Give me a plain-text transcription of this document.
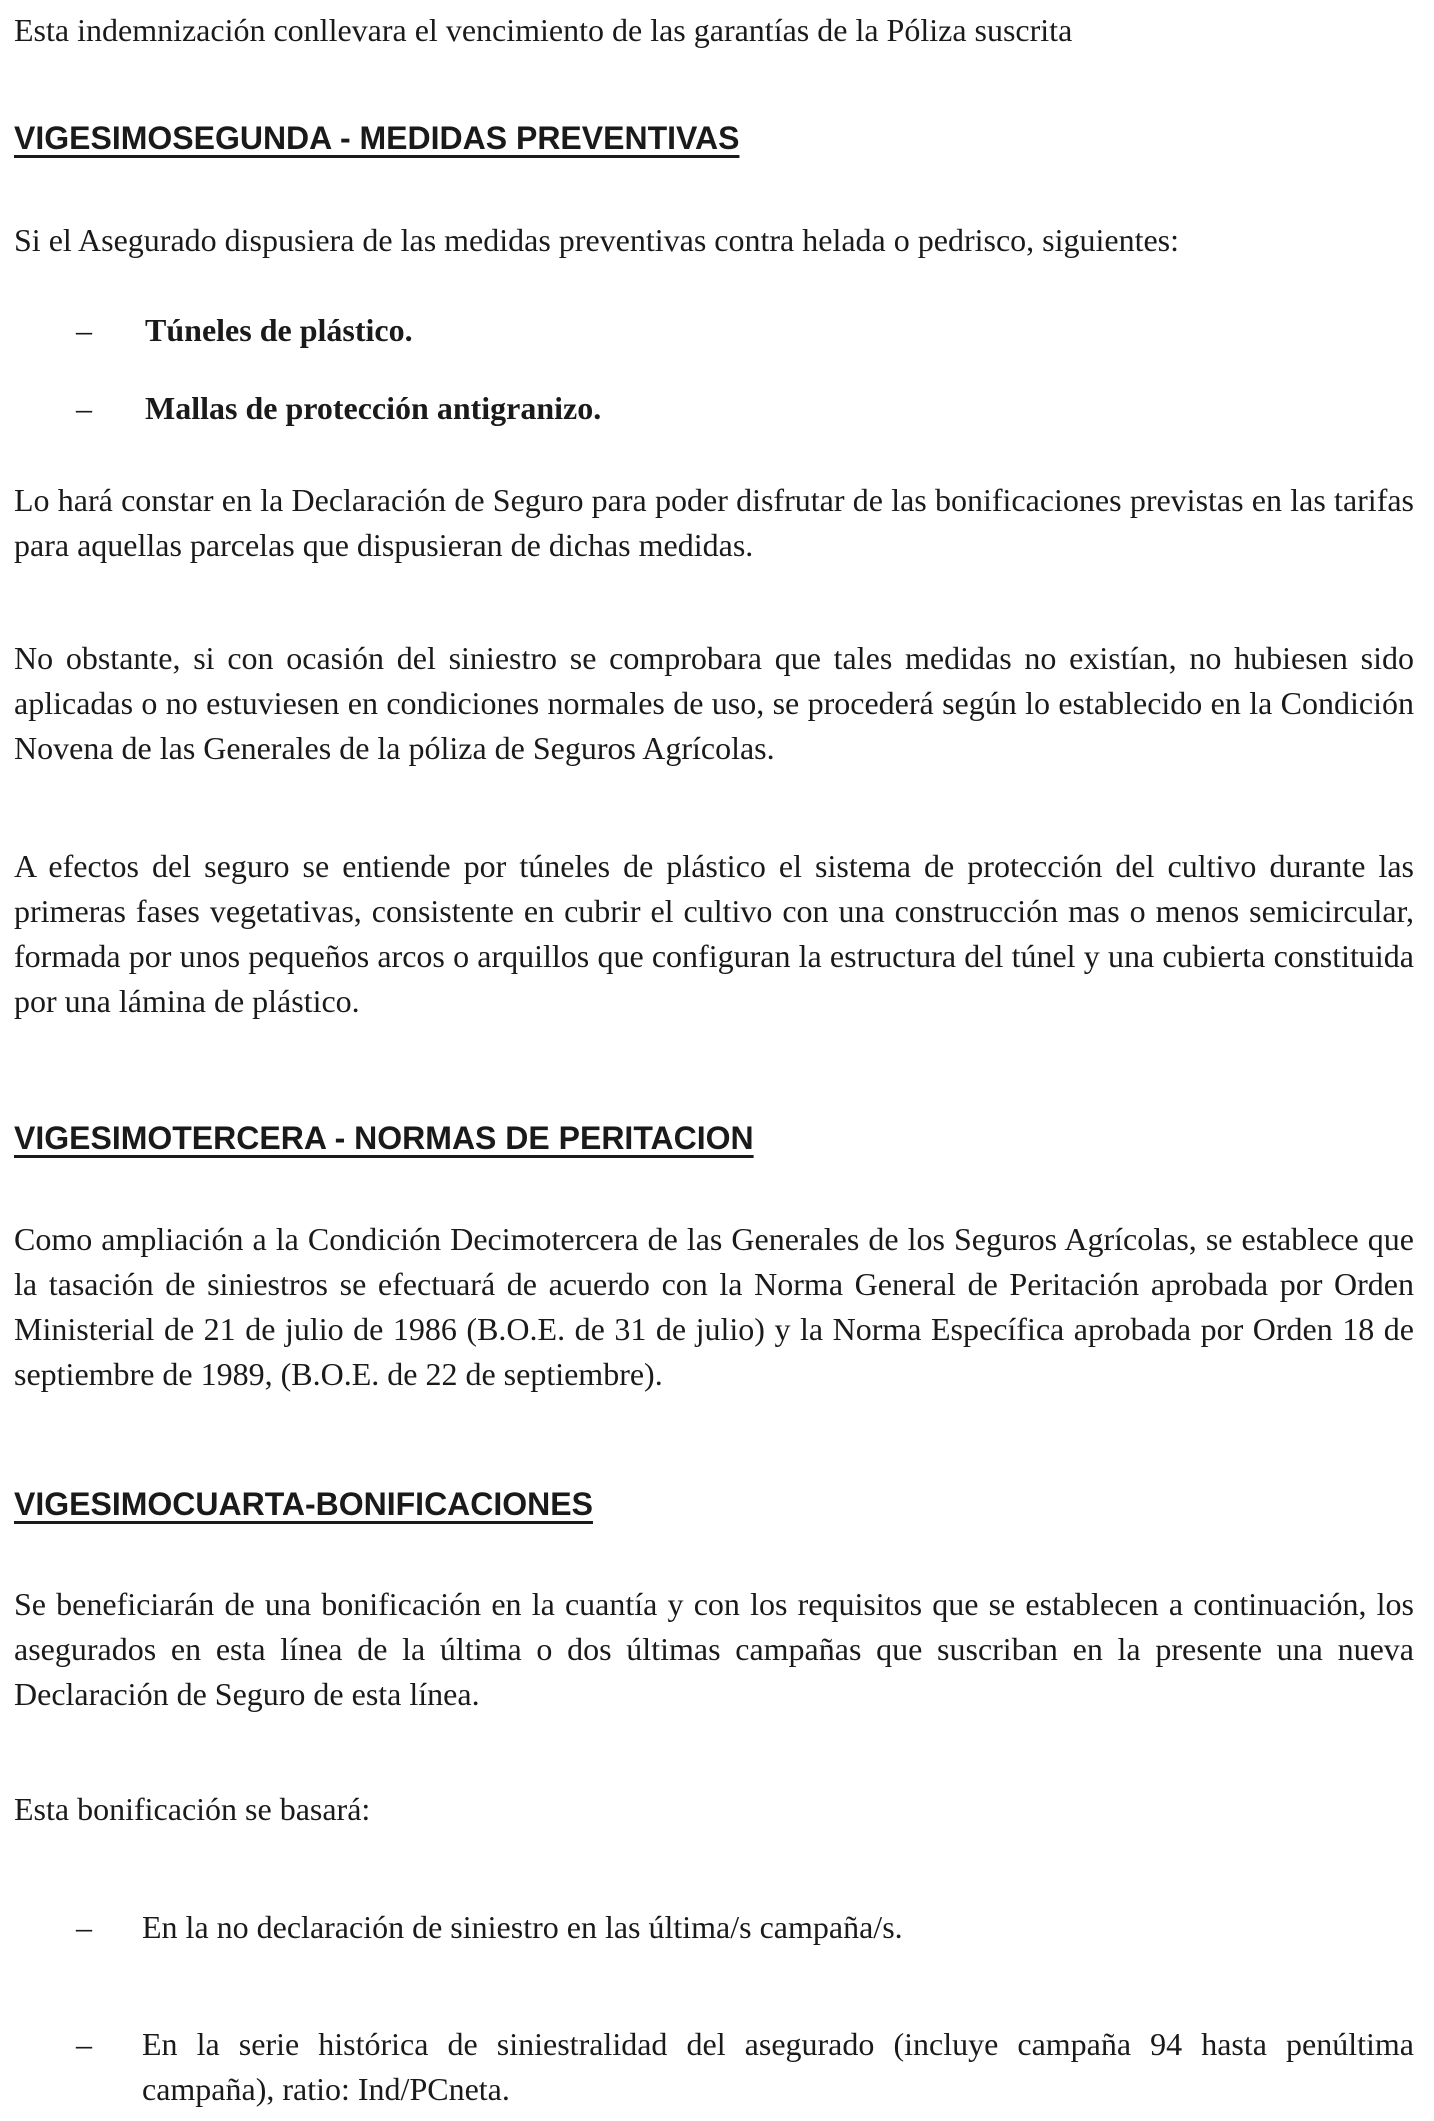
Esta indemnización conllevara el vencimiento de las garantías de la Póliza suscrita

VIGESIMOSEGUNDA - MEDIDAS PREVENTIVAS

Si el Asegurado dispusiera de las medidas preventivas contra helada o pedrisco, siguientes:

– Túneles de plástico.
– Mallas de protección antigranizo.

Lo hará constar en la Declaración de Seguro para poder disfrutar de las bonificaciones previstas en las tarifas para aquellas parcelas que dispusieran de dichas medidas.

No obstante, si con ocasión del siniestro se comprobara que tales medidas no existían, no hubiesen sido aplicadas o no estuviesen en condiciones normales de uso, se procederá según lo establecido en la Condición Novena de las Generales de la póliza de Seguros Agrícolas.

A efectos del seguro se entiende por túneles de plástico el sistema de protección del cultivo durante las primeras fases vegetativas, consistente en cubrir el cultivo con una construcción mas o menos semicircular, formada por unos pequeños arcos o arquillos que configuran la estructura del túnel y una cubierta constituida por una lámina de plástico.

VIGESIMOTERCERA - NORMAS DE PERITACION

Como ampliación a la Condición Decimotercera de las Generales de los Seguros Agrícolas, se establece que la tasación de siniestros se efectuará de acuerdo con la Norma General de Peritación aprobada por Orden Ministerial de 21 de julio de 1986 (B.O.E. de 31 de julio) y la Norma Específica aprobada por Orden 18 de septiembre de 1989, (B.O.E. de 22 de septiembre).

VIGESIMOCUARTA-BONIFICACIONES

Se beneficiarán de una bonificación en la cuantía y con los requisitos que se establecen a continuación, los asegurados en esta línea de la última o dos últimas campañas que suscriban en la presente una nueva Declaración de Seguro de esta línea.

Esta bonificación se basará:

– En la no declaración de siniestro en las última/s campaña/s.
– En la serie histórica de siniestralidad del asegurado (incluye campaña 94 hasta penúltima campaña), ratio: Ind/PCneta.
